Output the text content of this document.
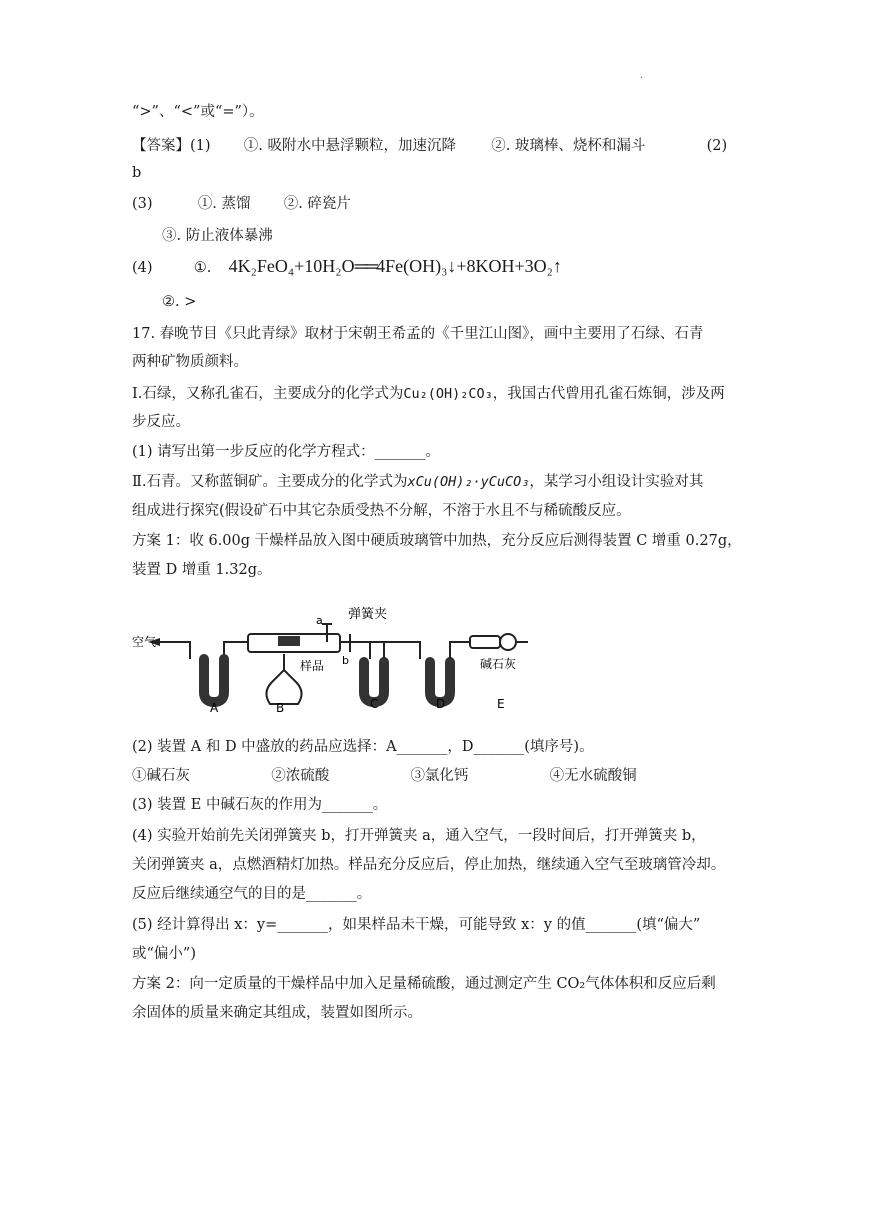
.
“>”、“<”或“=”）。
【答案】(1) ①. 吸附水中悬浮颗粒，加速沉降 ②. 玻璃棒、烧杯和漏斗	(2)
b
(3)	①. 蒸馏 ②. 碎瓷片
③. 防止液体暴沸
(4)	①. 4K₂FeO₄+10H₂O══4Fe(OH)₃↓+8KOH+3O₂↑
②. >
17. 春晚节目《只此青绿》取材于宋朝王希孟的《千里江山图》，画中主要用了石绿、石青
两种矿物质颜料。
I.石绿，又称孔雀石，主要成分的化学式为Cu₂(OH)₂CO₃，我国古代曾用孔雀石炼铜，涉及两
步反应。
(1) 请写出第一步反应的化学方程式：_______。
Ⅱ.石青。又称蓝铜矿。主要成分的化学式为xCu(OH)₂·yCuCO₃，某学习小组设计实验对其
组成进行探究(假设矿石中其它杂质受热不分解，不溶于水且不与稀硫酸反应。
方案 1：收 6.00g 干燥样品放入图中硬质玻璃管中加热，充分反应后测得装置 C 增重 0.27g，
装置 D 增重 1.32g。
空气
弹簧夹
a
b
样品	碱石灰
A	B	C	D	E
(2) 装置 A 和 D 中盛放的药品应选择：A_______，D_______(填序号)。
①碱石灰	②浓硫酸	③氯化钙	④无水硫酸铜
(3) 装置 E 中碱石灰的作用为_______。
(4) 实验开始前先关闭弹簧夹 b，打开弹簧夹 a，通入空气，一段时间后，打开弹簧夹 b，
关闭弹簧夹 a，点燃酒精灯加热。样品充分反应后，停止加热，继续通入空气至玻璃管冷却。
反应后继续通空气的目的是_______。
(5) 经计算得出 x：y=_______，如果样品未干燥，可能导致 x：y 的值_______(填“偏大”
或“偏小”)
方案 2：向一定质量的干燥样品中加入足量稀硫酸，通过测定产生 CO₂气体体积和反应后剩
余固体的质量来确定其组成，装置如图所示。
